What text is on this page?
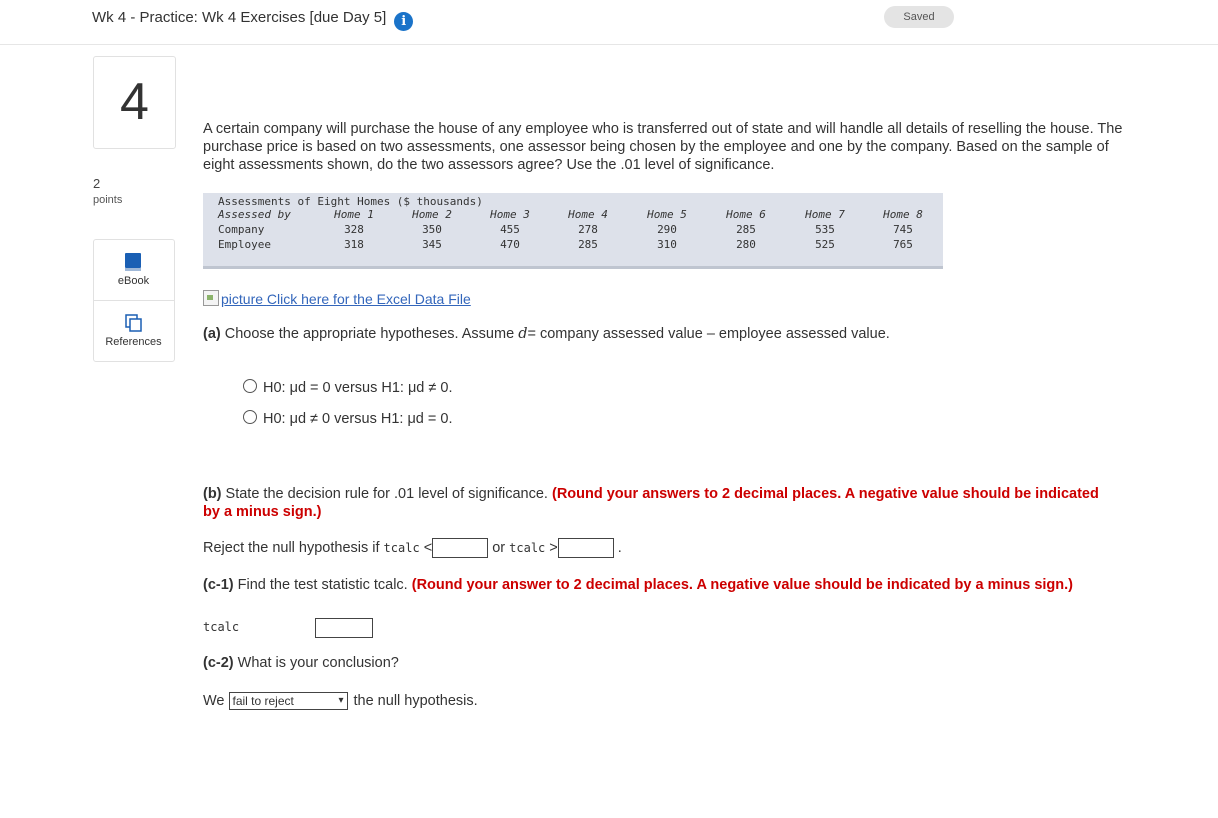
Wk 4 - Practice: Wk 4 Exercises [due Day 5] i	Saved
4
2
points
eBook
References
A certain company will purchase the house of any employee who is transferred out of state and will handle all details of reselling the house. The purchase price is based on two assessments, one assessor being chosen by the employee and one by the company. Based on the sample of eight assessments shown, do the two assessors agree? Use the .01 level of significance.
Assessments of Eight Homes ($ thousands)
Assessed by	Home 1	Home 2	Home 3	Home 4	Home 5	Home 6	Home 7	Home 8
Company	328	350	455	278	290	285	535	745
Employee	318	345	470	285	310	280	525	765
picture Click here for the Excel Data File
(a) Choose the appropriate hypotheses. Assume d= company assessed value – employee assessed value.
H0: μd = 0 versus H1: μd ≠ 0.
H0: μd ≠ 0 versus H1: μd = 0.
(b) State the decision rule for .01 level of significance. (Round your answers to 2 decimal places. A negative value should be indicated by a minus sign.)
Reject the null hypothesis if tcalc <	or tcalc >	.
(c-1) Find the test statistic tcalc. (Round your answer to 2 decimal places. A negative value should be indicated by a minus sign.)
tcalc
(c-2) What is your conclusion?
We fail to reject	▾ the null hypothesis.
